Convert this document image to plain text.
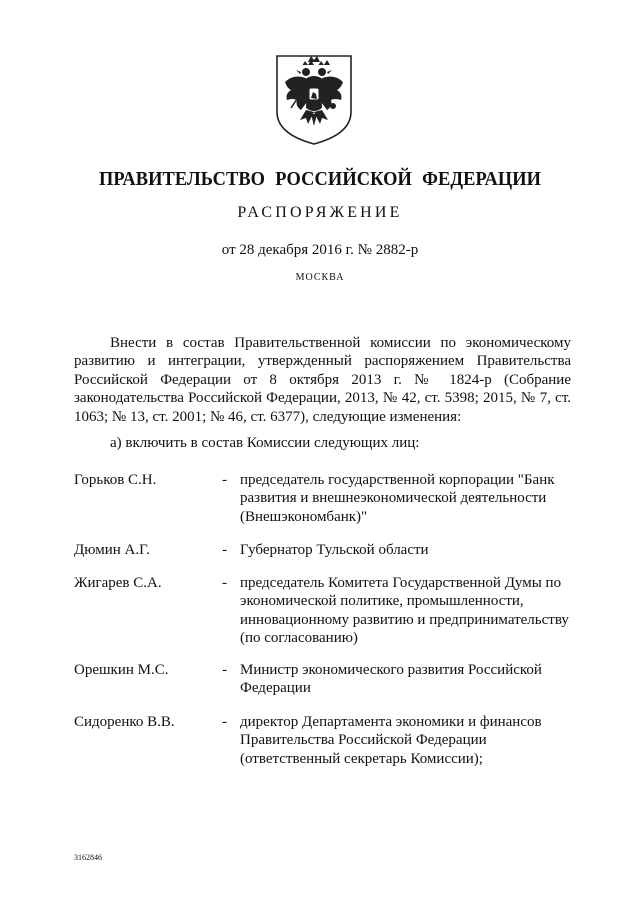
ПРАВИТЕЛЬСТВО РОССИЙСКОЙ ФЕДЕРАЦИИ
РАСПОРЯЖЕНИЕ
от 28 декабря 2016 г. № 2882-р
МОСКВА
Внести в состав Правительственной комиссии по экономическому развитию и интеграции, утвержденный распоряжением Правительства Российской Федерации от 8 октября 2013 г. № 1824-р (Собрание законодательства Российской Федерации, 2013, № 42, ст. 5398; 2015, № 7, ст. 1063; № 13, ст. 2001; № 46, ст. 6377), следующие изменения:
а) включить в состав Комиссии следующих лиц:
Горьков С.Н.	- председатель государственной корпорации "Банк развития и внешнеэкономической деятельности (Внешэкономбанк)"
Дюмин А.Г.	- Губернатор Тульской области
Жигарев С.А.	- председатель Комитета Государственной Думы по экономической политике, промышленности, инновационному развитию и предпринимательству (по согласованию)
Орешкин М.С.	- Министр экономического развития Российской Федерации
Сидоренко В.В.	- директор Департамента экономики и финансов Правительства Российской Федерации (ответственный секретарь Комиссии);
3162846
